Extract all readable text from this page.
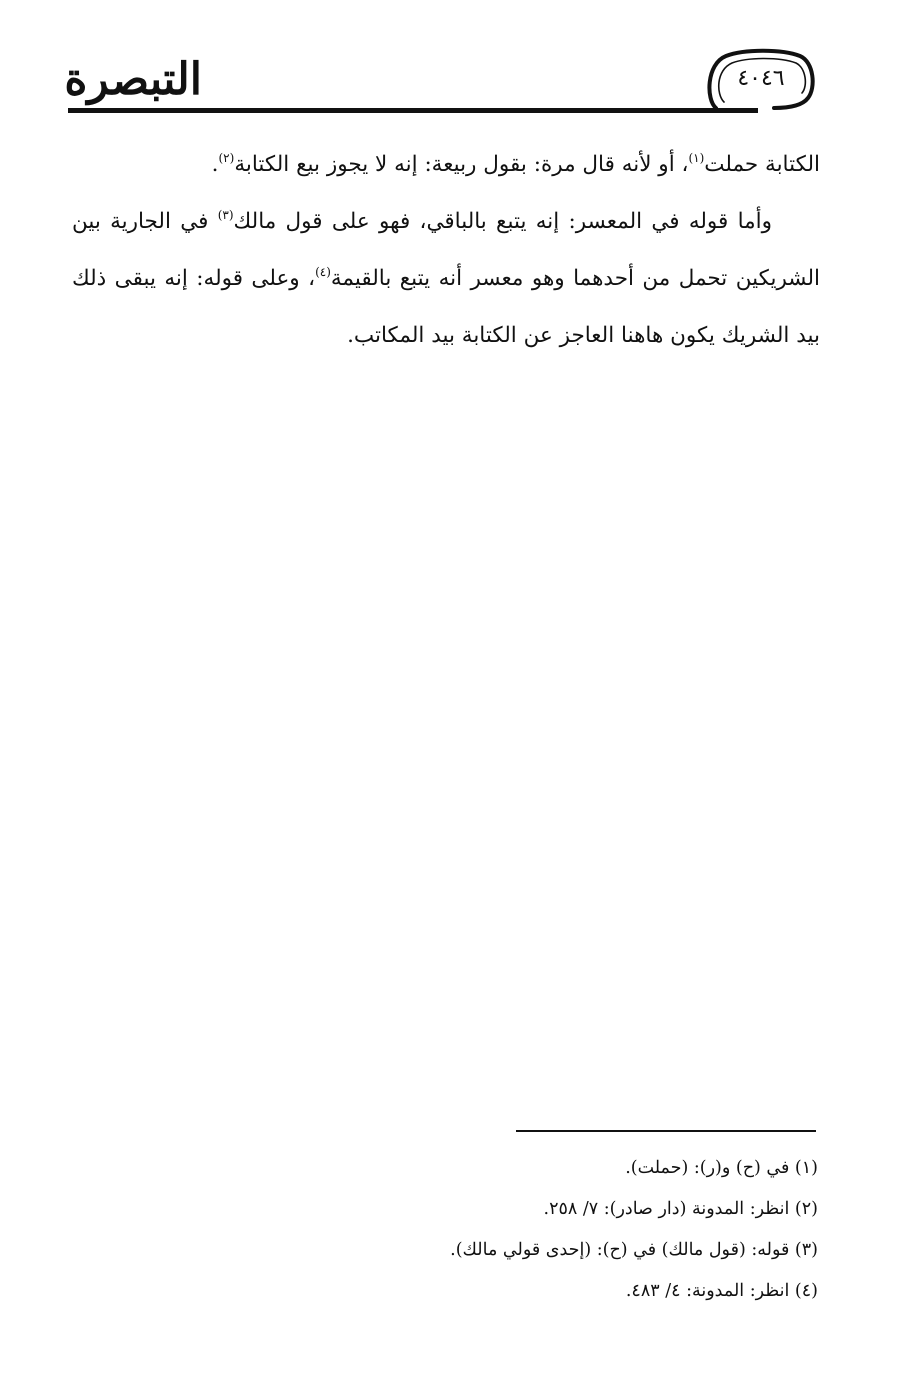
التبصرة	٤٠٤٦

الكتابة حملت$^{(١)}$، أو لأنه قال مرة: بقول ربيعة: إنه لا يجوز بيع الكتابة$^{(٢)}$.

وأما قوله في المعسر: إنه يتبع بالباقي، فهو على قول مالك$^{(٣)}$ في الجارية بين الشريكين تحمل من أحدهما وهو معسر أنه يتبع بالقيمة$^{(٤)}$، وعلى قوله: إنه يبقى ذلك بيد الشريك يكون هاهنا العاجز عن الكتابة بيد المكاتب.

(١) في (ح) و(ر): (حملت).
(٢) انظر: المدونة (دار صادر): ٧/ ٢٥٨.
(٣) قوله: (قول مالك) في (ح): (إحدى قولي مالك).
(٤) انظر: المدونة: ٤/ ٤٨٣.
